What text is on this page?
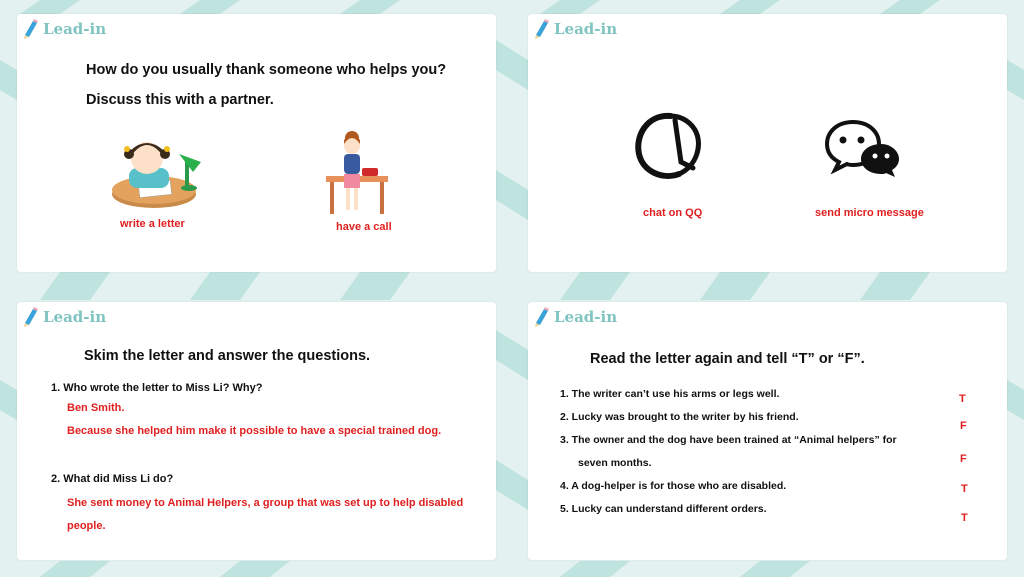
Lead-in
How do you usually thank someone who helps you?
Discuss this with a partner.
write a letter	have a call
Lead-in
chat on QQ	send micro message
Lead-in
Skim the letter and answer the questions.
1. Who wrote the letter to Miss Li? Why?
Ben Smith.
Because she helped him make it possible to have a special trained dog.
2. What did Miss Li do?
She sent money to Animal Helpers, a group that was set up to help disabled
people.
Lead-in
Read the letter again and tell “T” or “F”.
1. The writer can’t use his arms or legs well.
2. Lucky was brought to the writer by his friend.
3. The owner and the dog have been trained at “Animal helpers” for
seven months.
4. A dog-helper is for those who are disabled.
5. Lucky can understand different orders.
T
F
F
T
T
